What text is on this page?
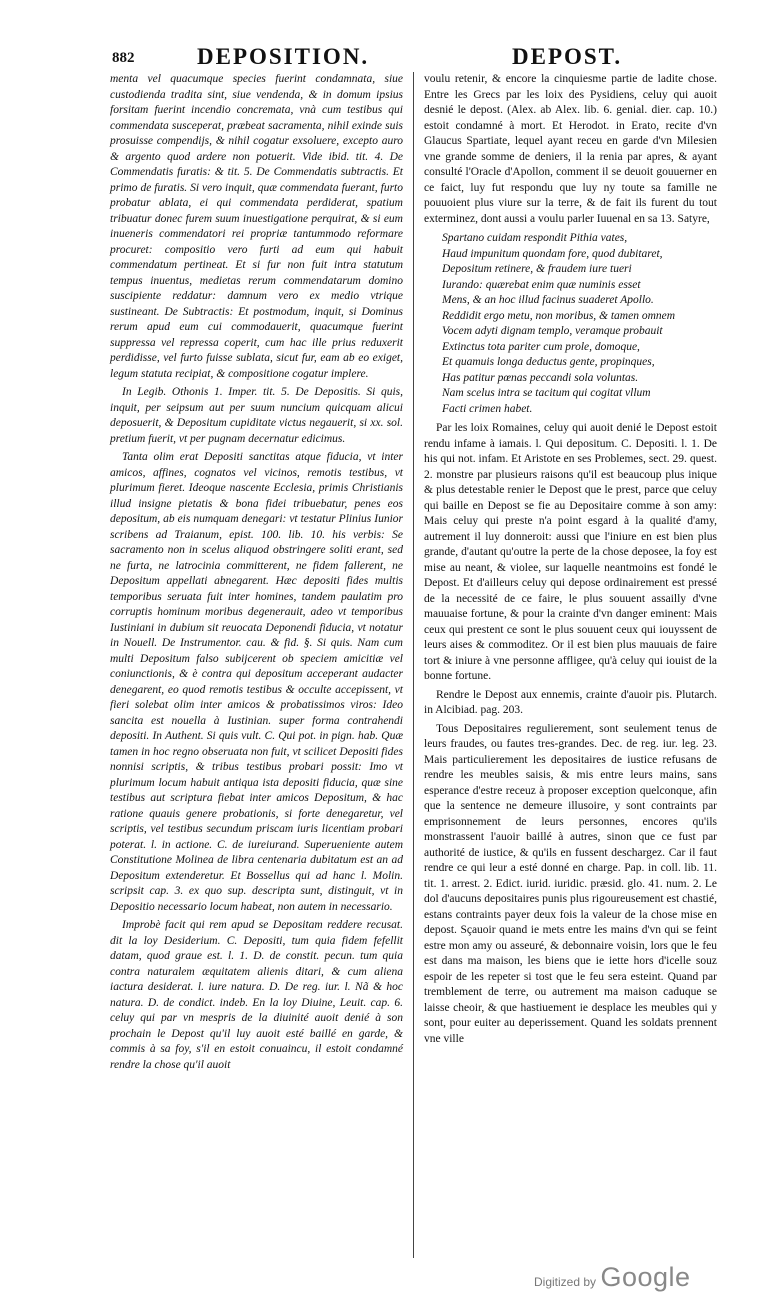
882	DEPOSITION.	DEPOST.

menta vel quacumque species fuerint condamnata, siue custodienda tradita sint, siue vendenda, & in domum ipsius forsitam fuerint incendio concremata, vnà cum testibus qui commendata susceperat, præbeat sacramenta, nihil exinde suis prosuisse compendijs, & nihil cogatur exsoluere, excepto auro & argento quod ardere non potuerit. Vide ibid. tit. 4. De Commendatis furatis: & tit. 5. De Commendatis subtractis. Et primo de furatis. Si vero inquit, quæ commendata fuerant, furto probatur ablata, ei qui commendata perdiderat, spatium tribuatur donec furem suum inuestigatione perquirat, & si eum inueneris commendatori rei propriæ tantummodo reformare procuret: compositio vero furti ad eum qui habuit commendatum pertineat. Et si fur non fuit intra statutum tempus inuentus, medietas rerum commendatarum domino suscipiente reddatur: damnum vero ex medio vtrique sustineant. De Subtractis: Et postmodum, inquit, si Dominus rerum apud eum cui commodauerit, quacumque fuerint suppressa vel repressa coperit, cum hac ille prius reduxerit perdidisse, vel furto fuisse sublata, sicut fur, eam ab eo exiget, legum statuta recipiat, & compositione cogatur implere.

In Legib. Othonis 1. Imper. tit. 5. De Depositis. Si quis, inquit, per seipsum aut per suum nuncium quicquam alicui deposuerit, & Depositum cupiditate victus negauerit, si xx. sol. pretium fuerit, vt per pugnam decernatur edicimus.

Tanta olim erat Depositi sanctitas atque fiducia, vt inter amicos, affines, cognatos vel vicinos, remotis testibus, vt plurimum fieret. Ideoque nascente Ecclesia, primis Christianis illud insigne pietatis & bona fidei tribuebatur, penes eos depositum, ab eis numquam denegari: vt testatur Plinius Iunior scribens ad Traianum, epist. 100. lib. 10. his verbis: Se sacramento non in scelus aliquod obstringere soliti erant, sed ne furta, ne latrocinia committerent, ne fidem fallerent, ne Depositum appellati abnegarent. Hæc depositi fides multis temporibus seruata fuit inter homines, tandem paulatim pro corruptis hominum moribus degenerauit, adeo vt temporibus Iustiniani in dubium sit reuocata Deponendi fiducia, vt notatur in Nouell. De Instrumentor. cau. & fid. §. Si quis. Nam cum multi Depositum falso subijcerent ob speciem amicitiæ vel coniunctionis, & è contra qui depositum acceperant audacter denegarent, eo quod remotis testibus & occulte accepissent, vt fieri solebat olim inter amicos & probatissimos viros: Ideo sancita est nouella à Iustinian. super forma contrahendi depositi. In Authent. Si quis vult. C. Qui pot. in pign. hab. Quæ tamen in hoc regno obseruata non fuit, vt scilicet Depositi fides nonnisi scriptis, & tribus testibus probari possit: Imo vt plurimum locum habuit antiqua ista depositi fiducia, quæ sine testibus aut scriptura fiebat inter amicos Depositum, & hac ratione quauis genere probationis, si forte denegaretur, vel scriptis, vel testibus secundum priscam iuris licentiam probari poterat. l. in actione. C. de iureiurand. Superueniente autem Constitutione Molinea de libra centenaria dubitatum est an ad Depositum extenderetur. Et Bossellus qui ad hanc l. Molin. scripsit cap. 3. ex quo sup. descripta sunt, distinguit, vt in Depositio necessario locum habeat, non autem in necessario.

Improbè facit qui rem apud se Depositam reddere recusat. dit la loy Desiderium. C. Depositi, tum quia fidem fefellit datam, quod graue est. l. 1. D. de constit. pecun. tum quia contra naturalem æquitatem alienis ditari, & cum aliena iactura desiderat. l. iure natura. D. De reg. iur. l. Nã & hoc natura. D. de condict. indeb. En la loy Diuine, Leuit. cap. 6. celuy qui par vn mespris de la diuinité auoit denié à son prochain le Depost qu'il luy auoit esté baillé en garde, & commis à sa foy, s'il en estoit conuaincu, il estoit condamné rendre la chose qu'il auoit

voulu retenir, & encore la cinquiesme partie de ladite chose. Entre les Grecs par les loix des Pysidiens, celuy qui auoit desnié le depost. (Alex. ab Alex. lib. 6. genial. dier. cap. 10.) estoit condamné à mort. Et Herodot. in Erato, recite d'vn Glaucus Spartiate, lequel ayant receu en garde d'vn Milesien vne grande somme de deniers, il la renia par apres, & ayant consulté l'Oracle d'Apollon, comment il se deuoit gouuerner en ce faict, luy fut respondu que luy ny toute sa famille ne pouuoient plus viure sur la terre, & de fait ils furent du tout exterminez, dont aussi a voulu parler Iuuenal en sa 13. Satyre,

Spartano cuidam respondit Pithia vates,
Haud impunitum quondam fore, quod dubitaret,
Depositum retinere, & fraudem iure tueri
Iurando: quærebat enim quæ numinis esset
Mens, & an hoc illud facinus suaderet Apollo.
Reddidit ergo metu, non moribus, & tamen omnem
Vocem adyti dignam templo, veramque probauit
Extinctus tota pariter cum prole, domoque,
Et quamuis longa deductus gente, propinques,
Has patitur pœnas peccandi sola voluntas.
Nam scelus intra se tacitum qui cogitat vllum
Facti crimen habet.

Par les loix Romaines, celuy qui auoit denié le Depost estoit rendu infame à iamais. l. Qui depositum. C. Depositi. l. 1. De his qui not. infam. Et Aristote en ses Problemes, sect. 29. quest. 2. monstre par plusieurs raisons qu'il est beaucoup plus inique & plus detestable renier le Depost que le prest, parce que celuy qui baille en Depost se fie au Depositaire comme à son amy: Mais celuy qui preste n'a point esgard à la qualité d'amy, autrement il luy donneroit: aussi que l'iniure en est bien plus grande, d'autant qu'outre la perte de la chose deposee, la foy est mise au neant, & violee, sur laquelle neantmoins est fondé le Depost. Et d'ailleurs celuy qui depose ordinairement est pressé de la necessité de ce faire, le plus souuent assailly d'vne mauuaise fortune, & pour la crainte d'vn danger eminent: Mais ceux qui prestent ce sont le plus souuent ceux qui iouyssent de leurs aises & commoditez. Or il est bien plus mauuais de faire tort & iniure à vne personne affligee, qu'à celuy qui iouist de la bonne fortune.

Rendre le Depost aux ennemis, crainte d'auoir pis. Plutarch. in Alcibiad. pag. 203.

Tous Depositaires regulierement, sont seulement tenus de leurs fraudes, ou fautes tres-grandes. Dec. de reg. iur. leg. 23. Mais particulierement les depositaires de iustice refusans de rendre les meubles saisis, & mis entre leurs mains, sans esperance d'estre receuz à proposer exception quelconque, afin que la sentence ne demeure illusoire, y sont contraints par emprisonnement de leurs personnes, encores qu'ils monstrassent l'auoir baillé à autres, sinon que ce fust par authorité de iustice, & qu'ils en fussent deschargez. Car il faut rendre ce qui leur a esté donné en charge. Pap. in coll. lib. 11. tit. 1. arrest. 2. Edict. iurid. iuridic. præsid. glo. 41. num. 2. Le dol d'aucuns depositaires punis plus rigoureusement est chastié, estans contraints payer deux fois la valeur de la chose mise en depost. Sçauoir quand ie mets entre les mains d'vn qui se feint estre mon amy ou asseuré, & debonnaire voisin, lors que le feu est dans ma maison, les biens que ie iette hors d'icelle souz espoir de les repeter si tost que le feu sera esteint. Quand par tremblement de terre, ou autrement ma maison caduque se laisse cheoir, & que hastiuement ie desplace les meubles qui y sont, pour euiter au deperissement. Quand les soldats prennent vne ville

Digitized by Google
